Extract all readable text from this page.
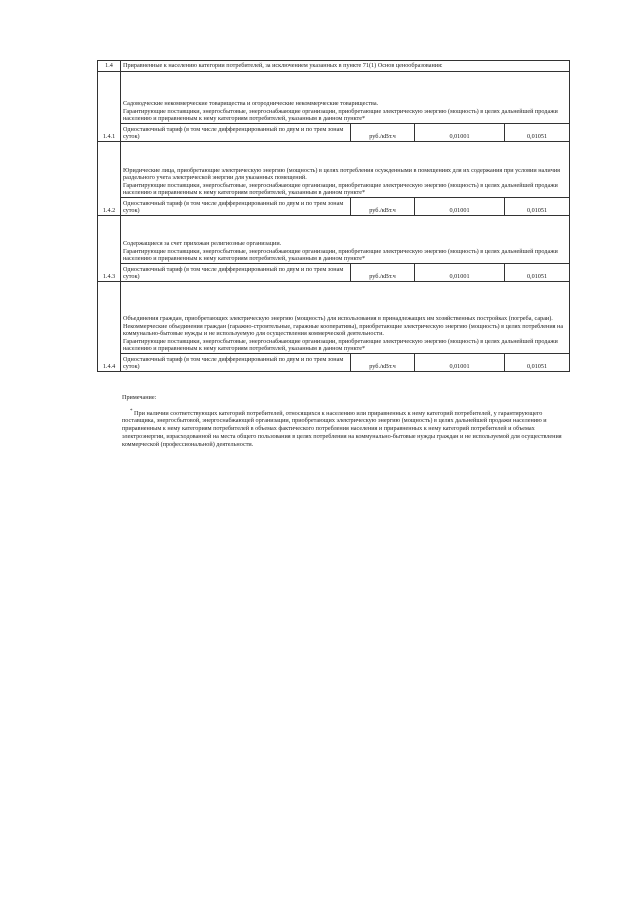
1.4	Приравненные к населению категории потребителей, за исключением указанных в пункте 71(1) Основ ценообразования:			
1.4.1	Садоводческие некоммерческие товарищества и огороднические некоммерческие товарищества.

Гарантирующие поставщики, энергосбытовые, энергоснабжающие организации, приобретающие электрическую энергию (мощность) в целях дальнейшей продажи населению и приравненным к нему категориям потребителей, указанным в данном пункте*			

	Одноставочный тариф (в том числе дифференцированный по двум и по трем зонам суток)	руб./кВт.ч	0,01001	0,01051
1.4.2	Юридические лица, приобретающие электрическую энергию (мощность) в целях потребления осужденными в помещениях для их содержания при условии наличия раздельного учета электрической энергии для указанных помещений.

Гарантирующие поставщики, энергосбытовые, энергоснабжающие организации, приобретающие электрическую энергию (мощность) в целях дальнейшей продажи населению и приравненным к нему категориям потребителей, указанным в данном пункте*			

	Одноставочный тариф (в том числе дифференцированный по двум и по трем зонам суток)	руб./кВт.ч	0,01001	0,01051
1.4.3	Содержащиеся за счет прихожан религиозные организации.

Гарантирующие поставщики, энергосбытовые, энергоснабжающие организации, приобретающие электрическую энергию (мощность) в целях дальнейшей продажи населению и приравненным к нему категориям потребителей, указанным в данном пункте*			

	Одноставочный тариф (в том числе дифференцированный по двум и по трем зонам суток)	руб./кВт.ч	0,01001	0,01051
1.4.4	Объединения граждан, приобретающих электрическую энергию (мощность) для использования в принадлежащих им хозяйственных постройках (погреба, сараи). Некоммерческие объединения граждан (гаражно-строительные, гаражные кооперативы), приобретающие электрическую энергию (мощность) в целях потребления на коммунально-бытовые нужды и не используемую для осуществления коммерческой деятельности.

Гарантирующие поставщики, энергосбытовые, энергоснабжающие организации, приобретающие электрическую энергию (мощность) в целях дальнейшей продажи населению и приравненным к нему категориям потребителей, указанным в данном пункте*			

	Одноставочный тариф (в том числе дифференцированный по двум и по трем зонам суток)	руб./кВт.ч	0,01001	0,01051

Примечание:

* При наличии соответствующих категорий потребителей, относящихся к населению или приравненных к нему категорий потребителей, у гарантирующего поставщика, энергосбытовой, энергоснабжающей организации, приобретающих электрическую энергию (мощность) в целях дальнейшей продажи населению и приравненным к нему категориям потребителей в объемах фактического потребления населения и приравненных к нему категорий потребителей и объемах электроэнергии, израсходованной на места общего пользования в целях потребления на коммунально-бытовые нужды граждан и не используемой для осуществления коммерческой (профессиональной) деятельности.
